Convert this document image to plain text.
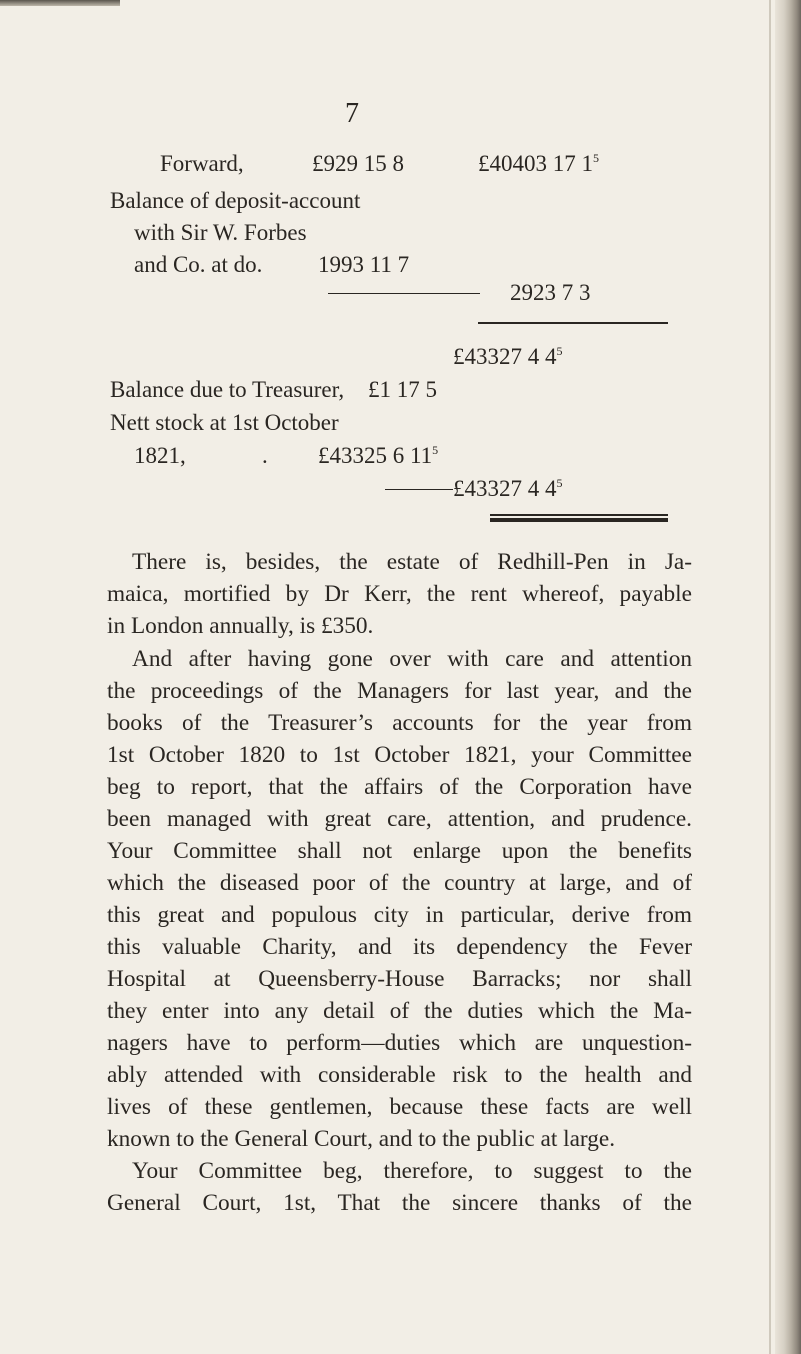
7
Forward,	£929 15 8	£40403 17 $1^5$
Balance of deposit-account
with Sir W. Forbes
and Co. at do. 1993 11 7
2923 7 3
£43327 4 $4^5$
Balance due to Treasurer, £1 17 5
Nett stock at 1st October
1821,	. £43325 6 $11^5$
£43327 4 $4^5$

There is, besides, the estate of Redhill-Pen in Ja-

maica, mortified by Dr Kerr, the rent whereof, payable

in London annually, is £350.

And after having gone over with care and attention

the proceedings of the Managers for last year, and the

books of the Treasurer’s accounts for the year from

1st October 1820 to 1st October 1821, your Committee

beg to report, that the affairs of the Corporation have

been managed with great care, attention, and prudence.

Your Committee shall not enlarge upon the benefits

which the diseased poor of the country at large, and of

this great and populous city in particular, derive from

this valuable Charity, and its dependency the Fever

Hospital at Queensberry-House Barracks; nor shall

they enter into any detail of the duties which the Ma-

nagers have to perform—duties which are unquestion-

ably attended with considerable risk to the health and

lives of these gentlemen, because these facts are well

known to the General Court, and to the public at large.

Your Committee beg, therefore, to suggest to the

General Court, 1st, That the sincere thanks of the
